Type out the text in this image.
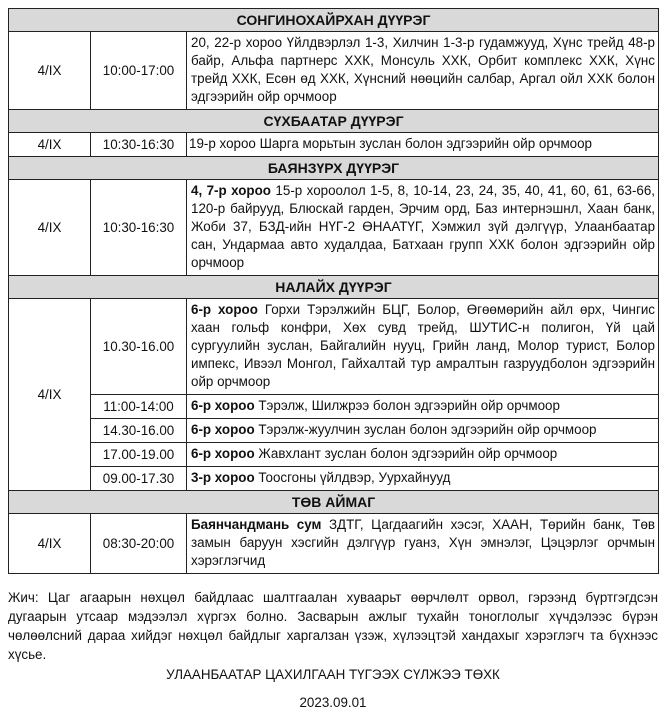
СОНГИНОХАЙРХАН ДҮҮРЭГ		
4/IX	10:00-17:00	20, 22-р хороо Үйлдвэрлэл 1-3, Хилчин 1-3-р гудамжууд, Хүнс трейд 48-р байр, Альфа партнерс ХХК, Монсуль ХХК, Орбит комплекс ХХК, Хүнс трейд ХХК, Есөн өд ХХК, Хүнсний нөөцийн салбар, Аргал ойл ХХК болон эдгээрийн ойр орчмоор
СҮХБААТАР ДҮҮРЭГ		
4/IX	10:30-16:30	19-р хороо Шарга морьтын зуслан болон эдгээрийн ойр орчмоор
БАЯНЗҮРХ ДҮҮРЭГ		
4/IX	10:30-16:30	4, 7-р хороо 15-р хороолол 1-5, 8, 10-14, 23, 24, 35, 40, 41, 60, 61, 63-66, 120-р байрууд, Блюскай гарден, Эрчим орд, Баз интернэшнл, Хаан банк, Жоби 37, БЗД-ийн НҮГ-2 ӨНААТҮГ, Хэмжил зүй дэлгүүр, Улаанбаатар сан, Ундармаа авто худалдаа, Батхаан групп ХХК болон эдгээрийн ойр орчмоор
НАЛАЙХ ДҮҮРЭГ		
4/IX	10.30-16.00	6-р хороо Горхи Тэрэлжийн БЦГ, Болор, Өгөөмөрийн айл өрх, Чингис хаан гольф конфри, Хөх сувд трейд, ШУТИС-н полигон, Үй цай сургуулийн зуслан, Байгалийн нууц, Грийн ланд, Молор турист, Болор импекс, Ивээл Монгол, Гайхалтай тур амралтын газруудболон эдгээрийн ойр орчмоор
	11:00-14:00	6-р хороо Тэрэлж, Шилжрээ болон эдгээрийн ойр орчмоор
	14.30-16.00	6-р хороо Тэрэлж-жуулчин зуслан болон эдгээрийн ойр орчмоор
	17.00-19.00	6-р хороо Жавхлант зуслан болон эдгээрийн ойр орчмоор
	09.00-17.30	3-р хороо Тоосгоны үйлдвэр, Уурхайнууд
ТӨВ АЙМАГ		
4/IX	08:30-20:00	Баянчандмань сум ЗДТГ, Цагдаагийн хэсэг, ХААН, Төрийн банк, Төв замын баруун хэсгийн дэлгүүр гуанз, Хүн эмнэлэг, Цэцэрлэг орчмын хэрэглэгчид
Жич: Цаг агаарын нөхцөл байдлаас шалтгаалан хуваарьт өөрчлөлт орвол, гэрээнд бүртгэгдсэн дугаарын утсаар мэдээлэл хүргэх болно. Засварын ажлыг тухайн тоноглолыг хүчдэлээс бүрэн чөлөөлсний дараа хийдэг нөхцөл байдлыг харгалзан үзэж, хүлээцтэй хандахыг хэрэглэгч та бүхнээс хүсье.
УЛААНБААТАР ЦАХИЛГААН ТҮГЭЭХ СҮЛЖЭЭ ТӨХК
2023.09.01
